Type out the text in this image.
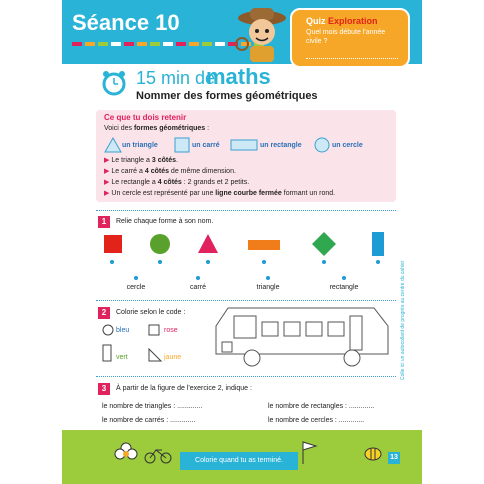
Séance 10	Quiz Exploration
Quel mois débute l'année civile ?
15 min de
maths
Nommer des formes géométriques
Ce que tu dois retenir
Voici des formes géométriques :
un triangle	un carré	un rectangle	un cercle
▶ Le triangle a 3 côtés.
▶ Le carré a 4 côtés de même dimension.
▶ Le rectangle a 4 côtés : 2 grands et 2 petits.
▶ Un cercle est représenté par une ligne courbe fermée formant un rond.
1	Relie chaque forme à son nom.
cercle	carré	triangle	rectangle
2	Colorie selon le code :
bleu	rose
vert	jaune
3	À partir de la figure de l'exercice 2, indique :
le nombre de triangles : .............	le nombre de rectangles : .............
le nombre de carrés : .............	le nombre de cercles : .............
Colorie quand tu as terminé.	13
Colle ici un autocollant de progrès au centre du cahier
